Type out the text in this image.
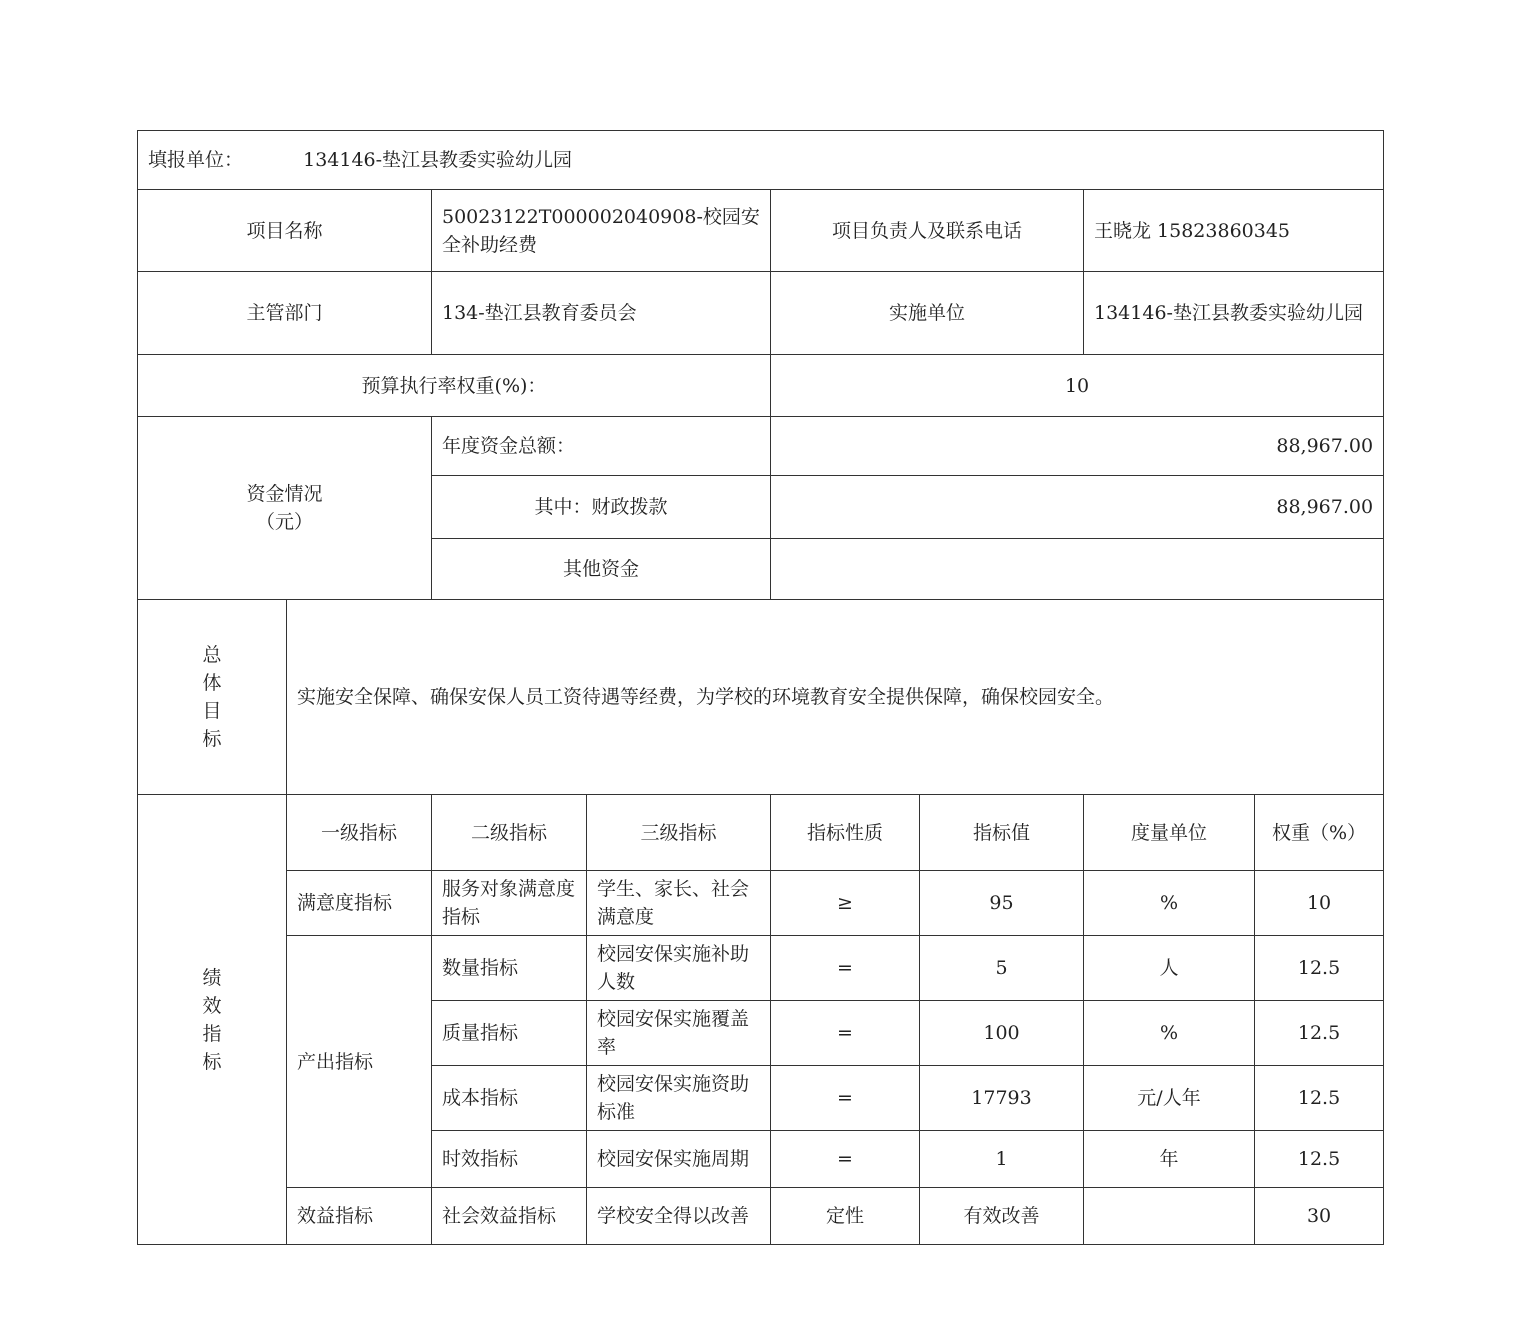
填报单位： 134146-垫江县教委实验幼儿园							
项目名称		50023122T000002040908-校园安全补助经费		项目负责人及联系电话		王晓龙 15823860345	
主管部门		134-垫江县教育委员会		实施单位		134146-垫江县教委实验幼儿园	
预算执行率权重(%)：				10			
资金情况
（元）		年度资金总额：		88,967.00			
		其中：财政拨款		88,967.00			
		其他资金					

总
体
目
标	实施安全保障、确保安保人员工资待遇等经费，为学校的环境教育安全提供保障，确保校园安全。						

绩
效
指
标	一级指标	二级指标	三级指标	指标性质	指标值	度量单位	权重（%）
	满意度指标	服务对象满意度指标	学生、家长、社会满意度	≥	95	%	10
	产出指标	数量指标	校园安保实施补助人数	=	5	人	12.5
		质量指标	校园安保实施覆盖率	=	100	%	12.5
		成本指标	校园安保实施资助标准	=	17793	元/人年	12.5
		时效指标	校园安保实施周期	=	1	年	12.5
	效益指标	社会效益指标	学校安全得以改善	定性	有效改善		30
